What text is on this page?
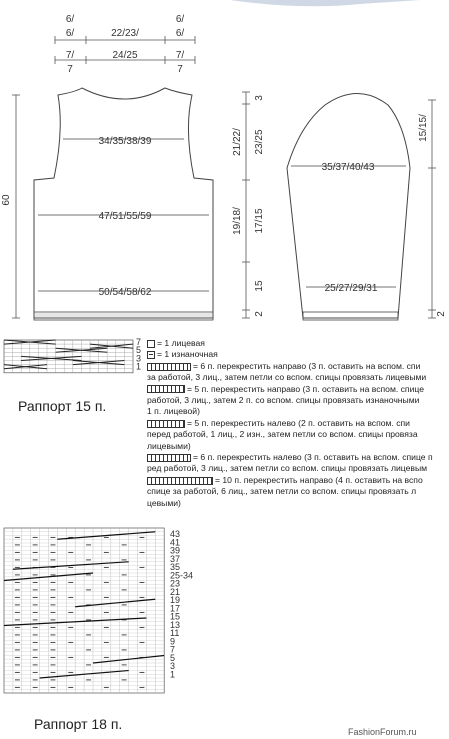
6/
6/	22/23/
6/
6/
7/
7
24/25	7/
7
34/35/38/39
47/51/55/59
50/54/58/62
60
3
21/22/ 23/25
19/18/ 17/15
15
2
35/37/40/43
25/27/29/31
15/15/
2
7
5
3
1
43
41
39
37
35
25-34
23
21
19
17
15
13
11
9
7
5
3
1
= 1 лицевая
= 1 изнаночная
= 6 п. перекрестить направо (3 п. оставить на вспом. спи
за работой, 3 лиц., затем петли со вспом. спицы провязать лицевыми
= 5 п. перекрестить направо (3 п. оставить на вспом. спице
работой, 3 лиц., затем 2 п. со вспом. спицы провязать изнаночными
1 п. лицевой)
= 5 п. перекрестить налево (2 п. оставить на вспом. спи
перед работой, 1 лиц., 2 изн., затем петли со вспом. спицы провяза
лицевыми)
= 6 п. перекрестить налево (3 п. оставить на вспом. спице п
ред работой, 3 лиц., затем петли со вспом. спицы провязать лицевым
= 10 п. перекрестить направо (4 п. оставить на вспо
спице за работой, 6 лиц., затем петли со вспом. спицы провязать л
цевыми)
Раппорт 15 п.
Раппорт 18 п.	FashionForum.ru
